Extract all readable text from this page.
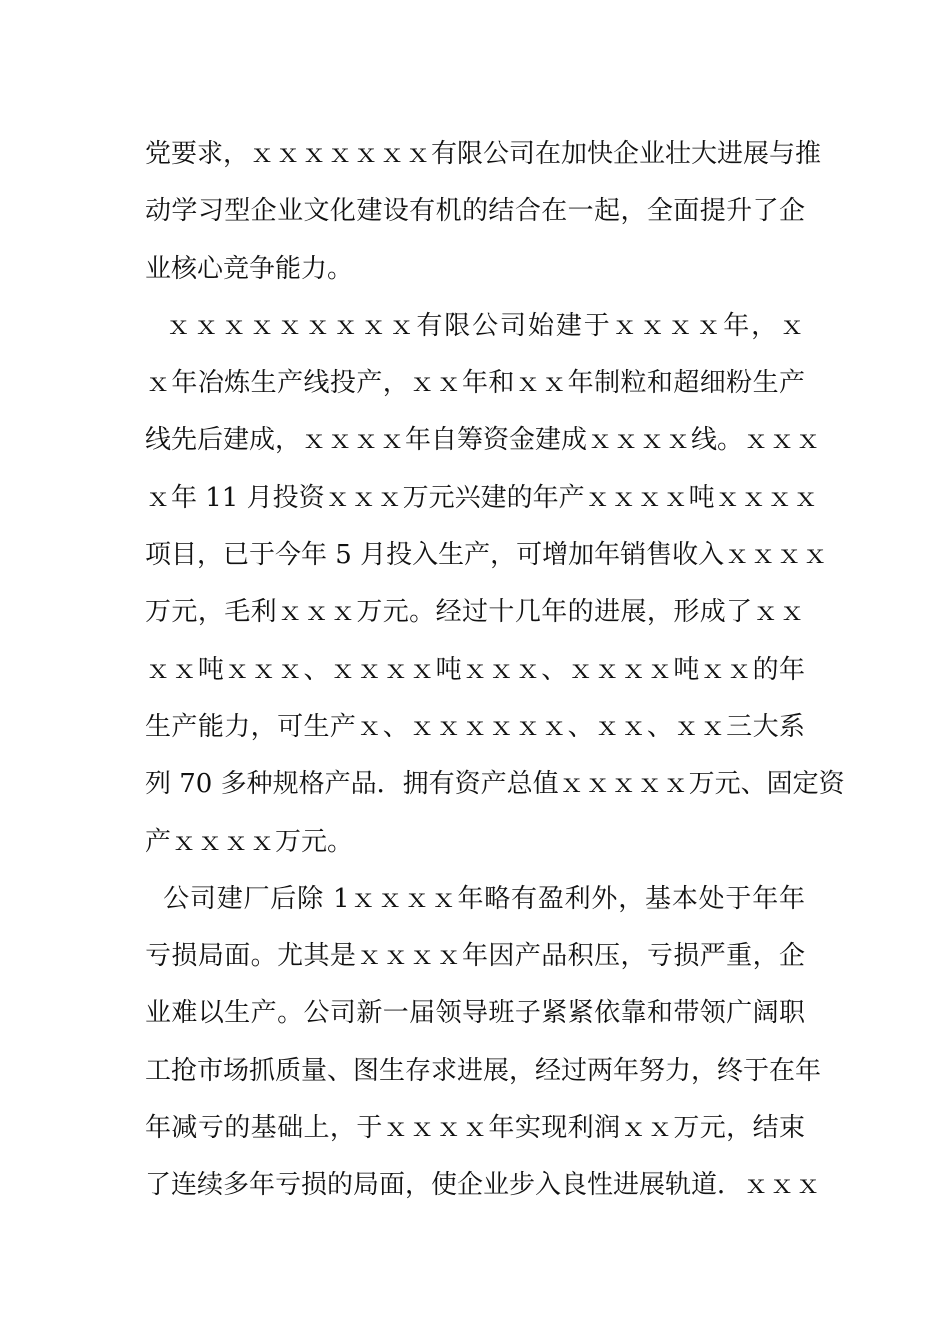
党要求，ｘｘｘｘｘｘｘ有限公司在加快企业壮大进展与推
动学习型企业文化建设有机的结合在一起，全面提升了企
业核心竞争能力。
ｘｘｘｘｘｘｘｘｘ有限公司始建于ｘｘｘｘ年，ｘ
ｘ年冶炼生产线投产，ｘｘ年和ｘｘ年制粒和超细粉生产
线先后建成，ｘｘｘｘ年自筹资金建成ｘｘｘｘ线。ｘｘｘ
ｘ年 11 月投资ｘｘｘ万元兴建的年产ｘｘｘｘ吨ｘｘｘｘ
项目，已于今年 5 月投入生产，可增加年销售收入ｘｘｘｘ
万元，毛利ｘｘｘ万元。经过十几年的进展，形成了ｘｘ
ｘｘ吨ｘｘｘ、ｘｘｘｘ吨ｘｘｘ、ｘｘｘｘ吨ｘｘ的年
生产能力，可生产ｘ、ｘｘｘｘｘｘ、ｘｘ、ｘｘ三大系
列 70 多种规格产品．拥有资产总值ｘｘｘｘｘ万元、固定资
产ｘｘｘｘ万元。
公司建厂后除 1ｘｘｘｘ年略有盈利外，基本处于年年
亏损局面。尤其是ｘｘｘｘ年因产品积压，亏损严重，企
业难以生产。公司新一届领导班子紧紧依靠和带领广阔职
工抢市场抓质量、图生存求进展，经过两年努力，终于在年
年减亏的基础上，于ｘｘｘｘ年实现利润ｘｘ万元，结束
了连续多年亏损的局面，使企业步入良性进展轨道．ｘｘｘ
